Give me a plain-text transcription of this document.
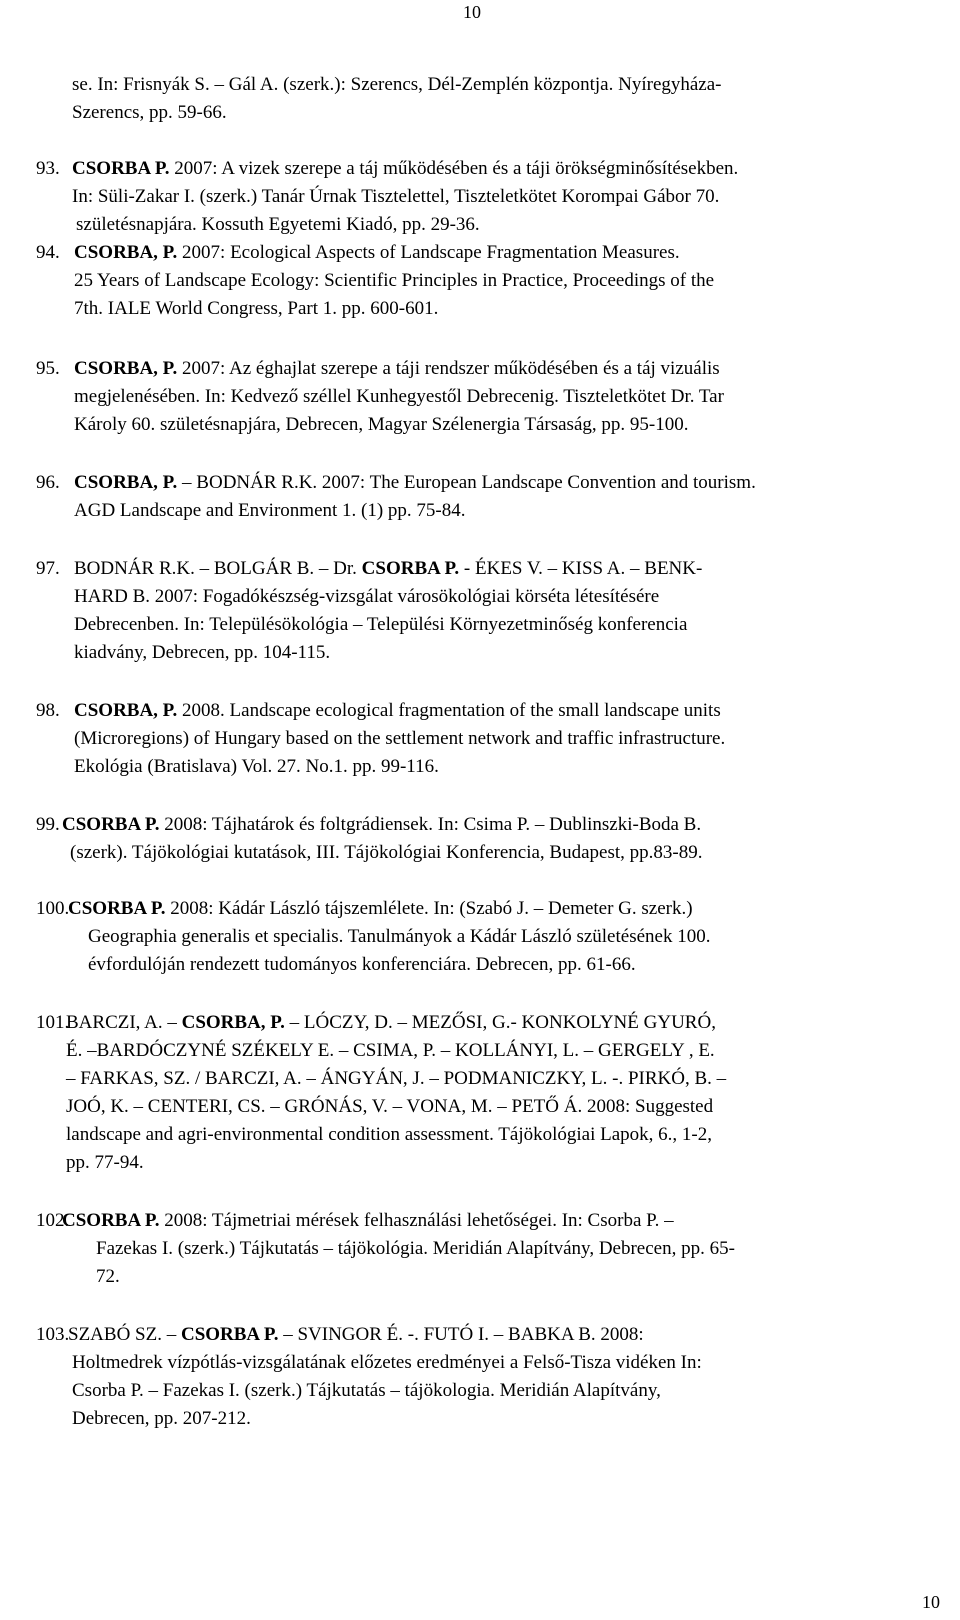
10
se. In: Frisnyák S. – Gál A. (szerk.): Szerencs, Dél-Zemplén központja. Nyíregyháza-
Szerencs, pp. 59-66.
93. CSORBA P. 2007: A vizek szerepe a táj működésében és a táji örökségminősítésekben.
In: Süli-Zakar I. (szerk.) Tanár Úrnak Tisztelettel, Tiszteletkötet Korompai Gábor 70.
születésnapjára. Kossuth Egyetemi Kiadó, pp. 29-36.
94. CSORBA, P. 2007: Ecological Aspects of Landscape Fragmentation Measures.
25 Years of Landscape Ecology: Scientific Principles in Practice, Proceedings of the
7th. IALE World Congress, Part 1. pp. 600-601.
95. CSORBA, P. 2007: Az éghajlat szerepe a táji rendszer működésében és a táj vizuális
megjelenésében. In: Kedvező széllel Kunhegyestől Debrecenig. Tiszteletkötet Dr. Tar
Károly 60. születésnapjára, Debrecen, Magyar Szélenergia Társaság, pp. 95-100.
96. CSORBA, P. – BODNÁR R.K. 2007: The European Landscape Convention and tourism.
AGD Landscape and Environment 1. (1) pp. 75-84.
97. BODNÁR R.K. – BOLGÁR B. – Dr. CSORBA P. - ÉKES V. – KISS A. – BENK-
HARD B. 2007: Fogadókészség-vizsgálat városökológiai körséta létesítésére
Debrecenben. In: Településökológia – Települési Környezetminőség konferencia
kiadvány, Debrecen, pp. 104-115.
98. CSORBA, P. 2008. Landscape ecological fragmentation of the small landscape units
(Microregions) of Hungary based on the settlement network and traffic infrastructure.
Ekológia (Bratislava) Vol. 27. No.1. pp. 99-116.
99. CSORBA P. 2008: Tájhatárok és foltgrádiensek. In: Csima P. – Dublinszki-Boda B.
(szerk). Tájökológiai kutatások, III. Tájökológiai Konferencia, Budapest, pp.83-89.
100.
CSORBA P. 2008: Kádár László tájszemlélete. In: (Szabó J. – Demeter G. szerk.)
Geographia generalis et specialis. Tanulmányok a Kádár László születésének 100.
évfordulóján rendezett tudományos konferenciára. Debrecen, pp. 61-66.
101.
BARCZI, A. – CSORBA, P. – LÓCZY, D. – MEZŐSI, G.- KONKOLYNÉ GYURÓ,
É. –BARDÓCZYNÉ SZÉKELY E. – CSIMA, P. – KOLLÁNYI, L. – GERGELY , E.
– FARKAS, SZ. / BARCZI, A. – ÁNGYÁN, J. – PODMANICZKY, L. -. PIRKÓ, B. –
JOÓ, K. – CENTERI, CS. – GRÓNÁS, V. – VONA, M. – PETŐ Á. 2008: Suggested
landscape and agri-environmental condition assessment. Tájökológiai Lapok, 6., 1-2,
pp. 77-94.
102.
CSORBA P. 2008: Tájmetriai mérések felhasználási lehetőségei. In: Csorba P. –
Fazekas I. (szerk.) Tájkutatás – tájökológia. Meridián Alapítvány, Debrecen, pp. 65-
72.
103.
SZABÓ SZ. – CSORBA P. – SVINGOR É. -. FUTÓ I. – BABKA B. 2008:
Holtmedrek vízpótlás-vizsgálatának előzetes eredményei a Felső-Tisza vidéken In:
Csorba P. – Fazekas I. (szerk.) Tájkutatás – tájökologia. Meridián Alapítvány,
Debrecen, pp. 207-212.
10
